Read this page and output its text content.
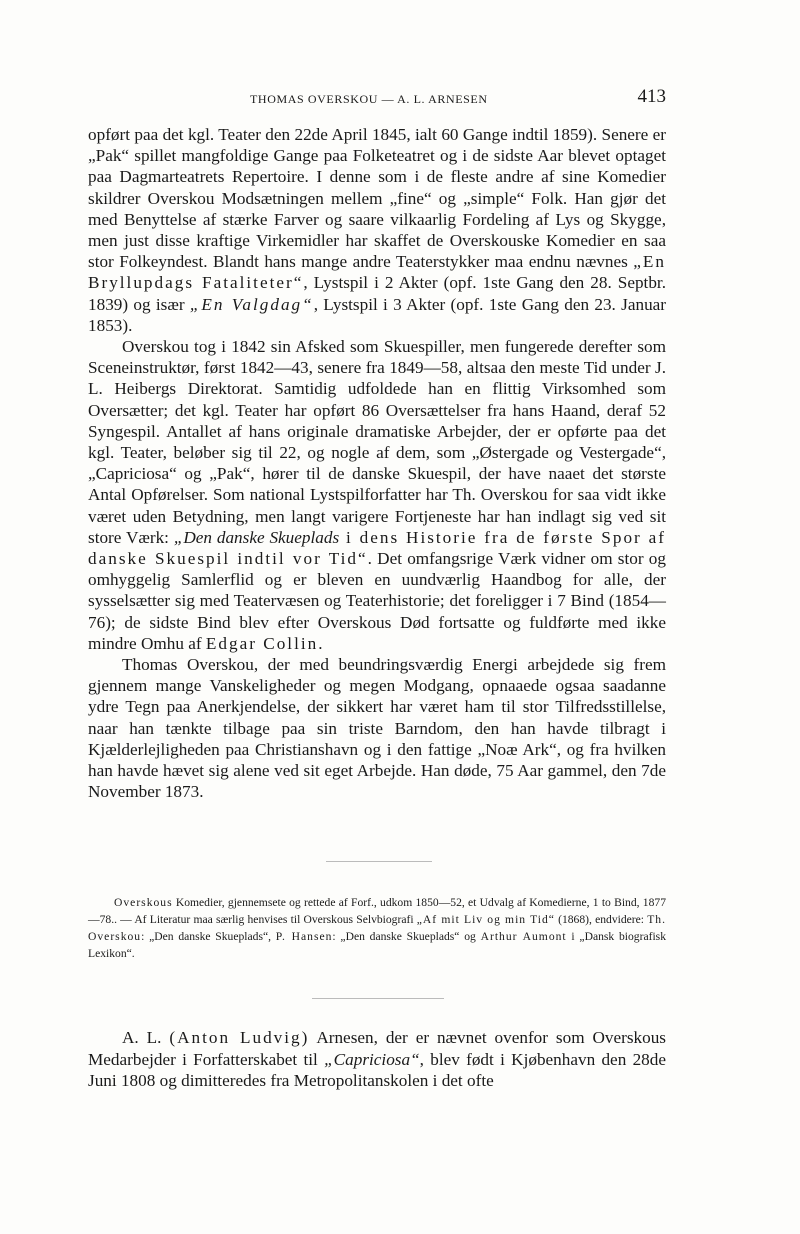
THOMAS OVERSKOU — A. L. ARNESEN	413

opført paa det kgl. Teater den 22de April 1845, ialt 60 Gange indtil 1859). Senere er „Pak“ spillet mangfoldige Gange paa Folketeatret og i de sidste Aar blevet optaget paa Dagmarteatrets Repertoire. I denne som i de fleste andre af sine Komedier skildrer Overskou Modsætningen mellem „fine“ og „simple“ Folk. Han gjør det med Benyttelse af stærke Farver og saare vilkaarlig Fordeling af Lys og Skygge, men just disse kraftige Virkemidler har skaffet de Overskouske Komedier en saa stor Folkeyndest. Blandt hans mange andre Teaterstykker maa endnu nævnes „En Bryllupdags Fataliteter“, Lystspil i 2 Akter (opf. 1ste Gang den 28. Septbr. 1839) og især „En Valgdag“, Lystspil i 3 Akter (opf. 1ste Gang den 23. Januar 1853).

Overskou tog i 1842 sin Afsked som Skuespiller, men fungerede derefter som Sceneinstruktør, først 1842—43, senere fra 1849—58, altsaa den meste Tid under J. L. Heibergs Direktorat. Samtidig udfoldede han en flittig Virksomhed som Oversætter; det kgl. Teater har opført 86 Oversættelser fra hans Haand, deraf 52 Syngespil. Antallet af hans originale dramatiske Arbejder, der er opførte paa det kgl. Teater, beløber sig til 22, og nogle af dem, som „Østergade og Vestergade“, „Capriciosa“ og „Pak“, hører til de danske Skuespil, der have naaet det største Antal Opførelser. Som national Lystspilforfatter har Th. Overskou for saa vidt ikke været uden Betydning, men langt varigere Fortjeneste har han indlagt sig ved sit store Værk: „Den danske Skueplads i dens Historie fra de første Spor af danske Skuespil indtil vor Tid“. Det omfangsrige Værk vidner om stor og omhyggelig Samlerflid og er bleven en uundværlig Haandbog for alle, der sysselsætter sig med Teatervæsen og Teaterhistorie; det foreligger i 7 Bind (1854—76); de sidste Bind blev efter Overskous Død fortsatte og fuldførte med ikke mindre Omhu af Edgar Collin.

Thomas Overskou, der med beundringsværdig Energi arbejdede sig frem gjennem mange Vanskeligheder og megen Modgang, opnaaede ogsaa saadanne ydre Tegn paa Anerkjendelse, der sikkert har været ham til stor Tilfredsstillelse, naar han tænkte tilbage paa sin triste Barndom, den han havde tilbragt i Kjælderlejligheden paa Christianshavn og i den fattige „Noæ Ark“, og fra hvilken han havde hævet sig alene ved sit eget Arbejde. Han døde, 75 Aar gammel, den 7de November 1873.

Overskous Komedier, gjennemsete og rettede af Forf., udkom 1850—52, et Udvalg af Komedierne, 1 to Bind, 1877—78.. — Af Literatur maa særlig henvises til Overskous Selvbiografi „Af mit Liv og min Tid“ (1868), endvidere: Th. Overskou: „Den danske Skueplads“, P. Hansen: „Den danske Skueplads“ og Arthur Aumont i „Dansk biografisk Lexikon“.

A. L. (Anton Ludvig) Arnesen, der er nævnet ovenfor som Overskous Medarbejder i Forfatterskabet til „Capriciosa“, blev født i Kjøbenhavn den 28de Juni 1808 og dimitteredes fra Metropolitanskolen i det ofte
